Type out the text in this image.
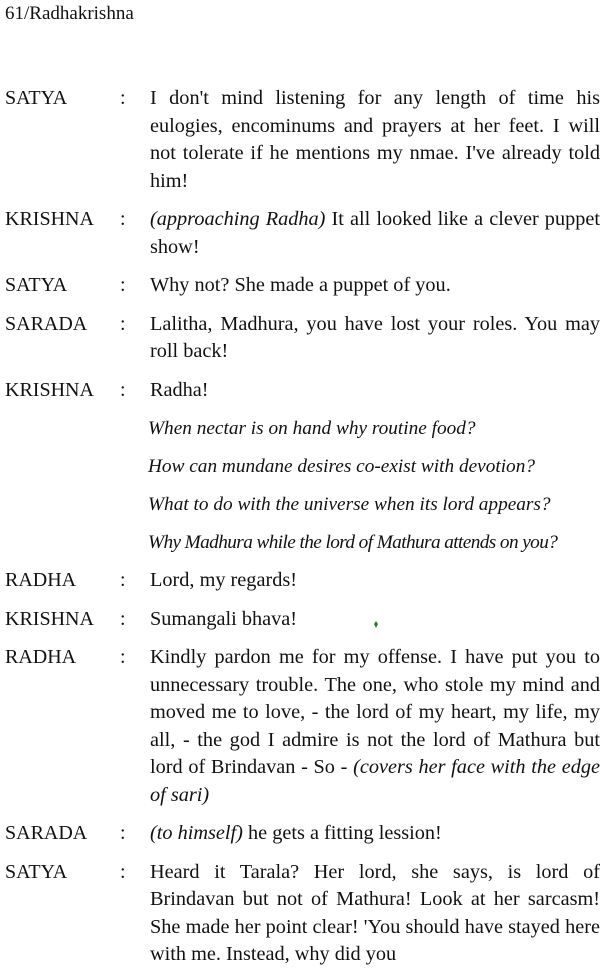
61/Radhakrishna
SATYA	:	I don't mind listening for any length of time his eulogies, encominums and prayers at her feet. I will not tolerate if he mentions my nmae. I've already told him!
KRISHNA	:	(approaching Radha) It all looked like a clever puppet show!
SATYA	:	Why not? She made a puppet of you.
SARADA	:	Lalitha, Madhura, you have lost your roles. You may roll back!
KRISHNA	:	Radha!
When nectar is on hand why routine food?
How can mundane desires co-exist with devotion?
What to do with the universe when its lord appears?
Why Madhura while the lord of Mathura attends on you?
RADHA	:	Lord, my regards!
KRISHNA	:	Sumangali bhava!
RADHA	:	Kindly pardon me for my offense. I have put you to unnecessary trouble. The one, who stole my mind and moved me to love, - the lord of my heart, my life, my all, - the god I admire is not the lord of Mathura but lord of Brindavan - So - (covers her face with the edge of sari)
SARADA	:	(to himself) he gets a fitting lession!
SATYA	:	Heard it Tarala? Her lord, she says, is lord of Brindavan but not of Mathura! Look at her sarcasm! She made her point clear! 'You should have stayed here with me. Instead, why did you
